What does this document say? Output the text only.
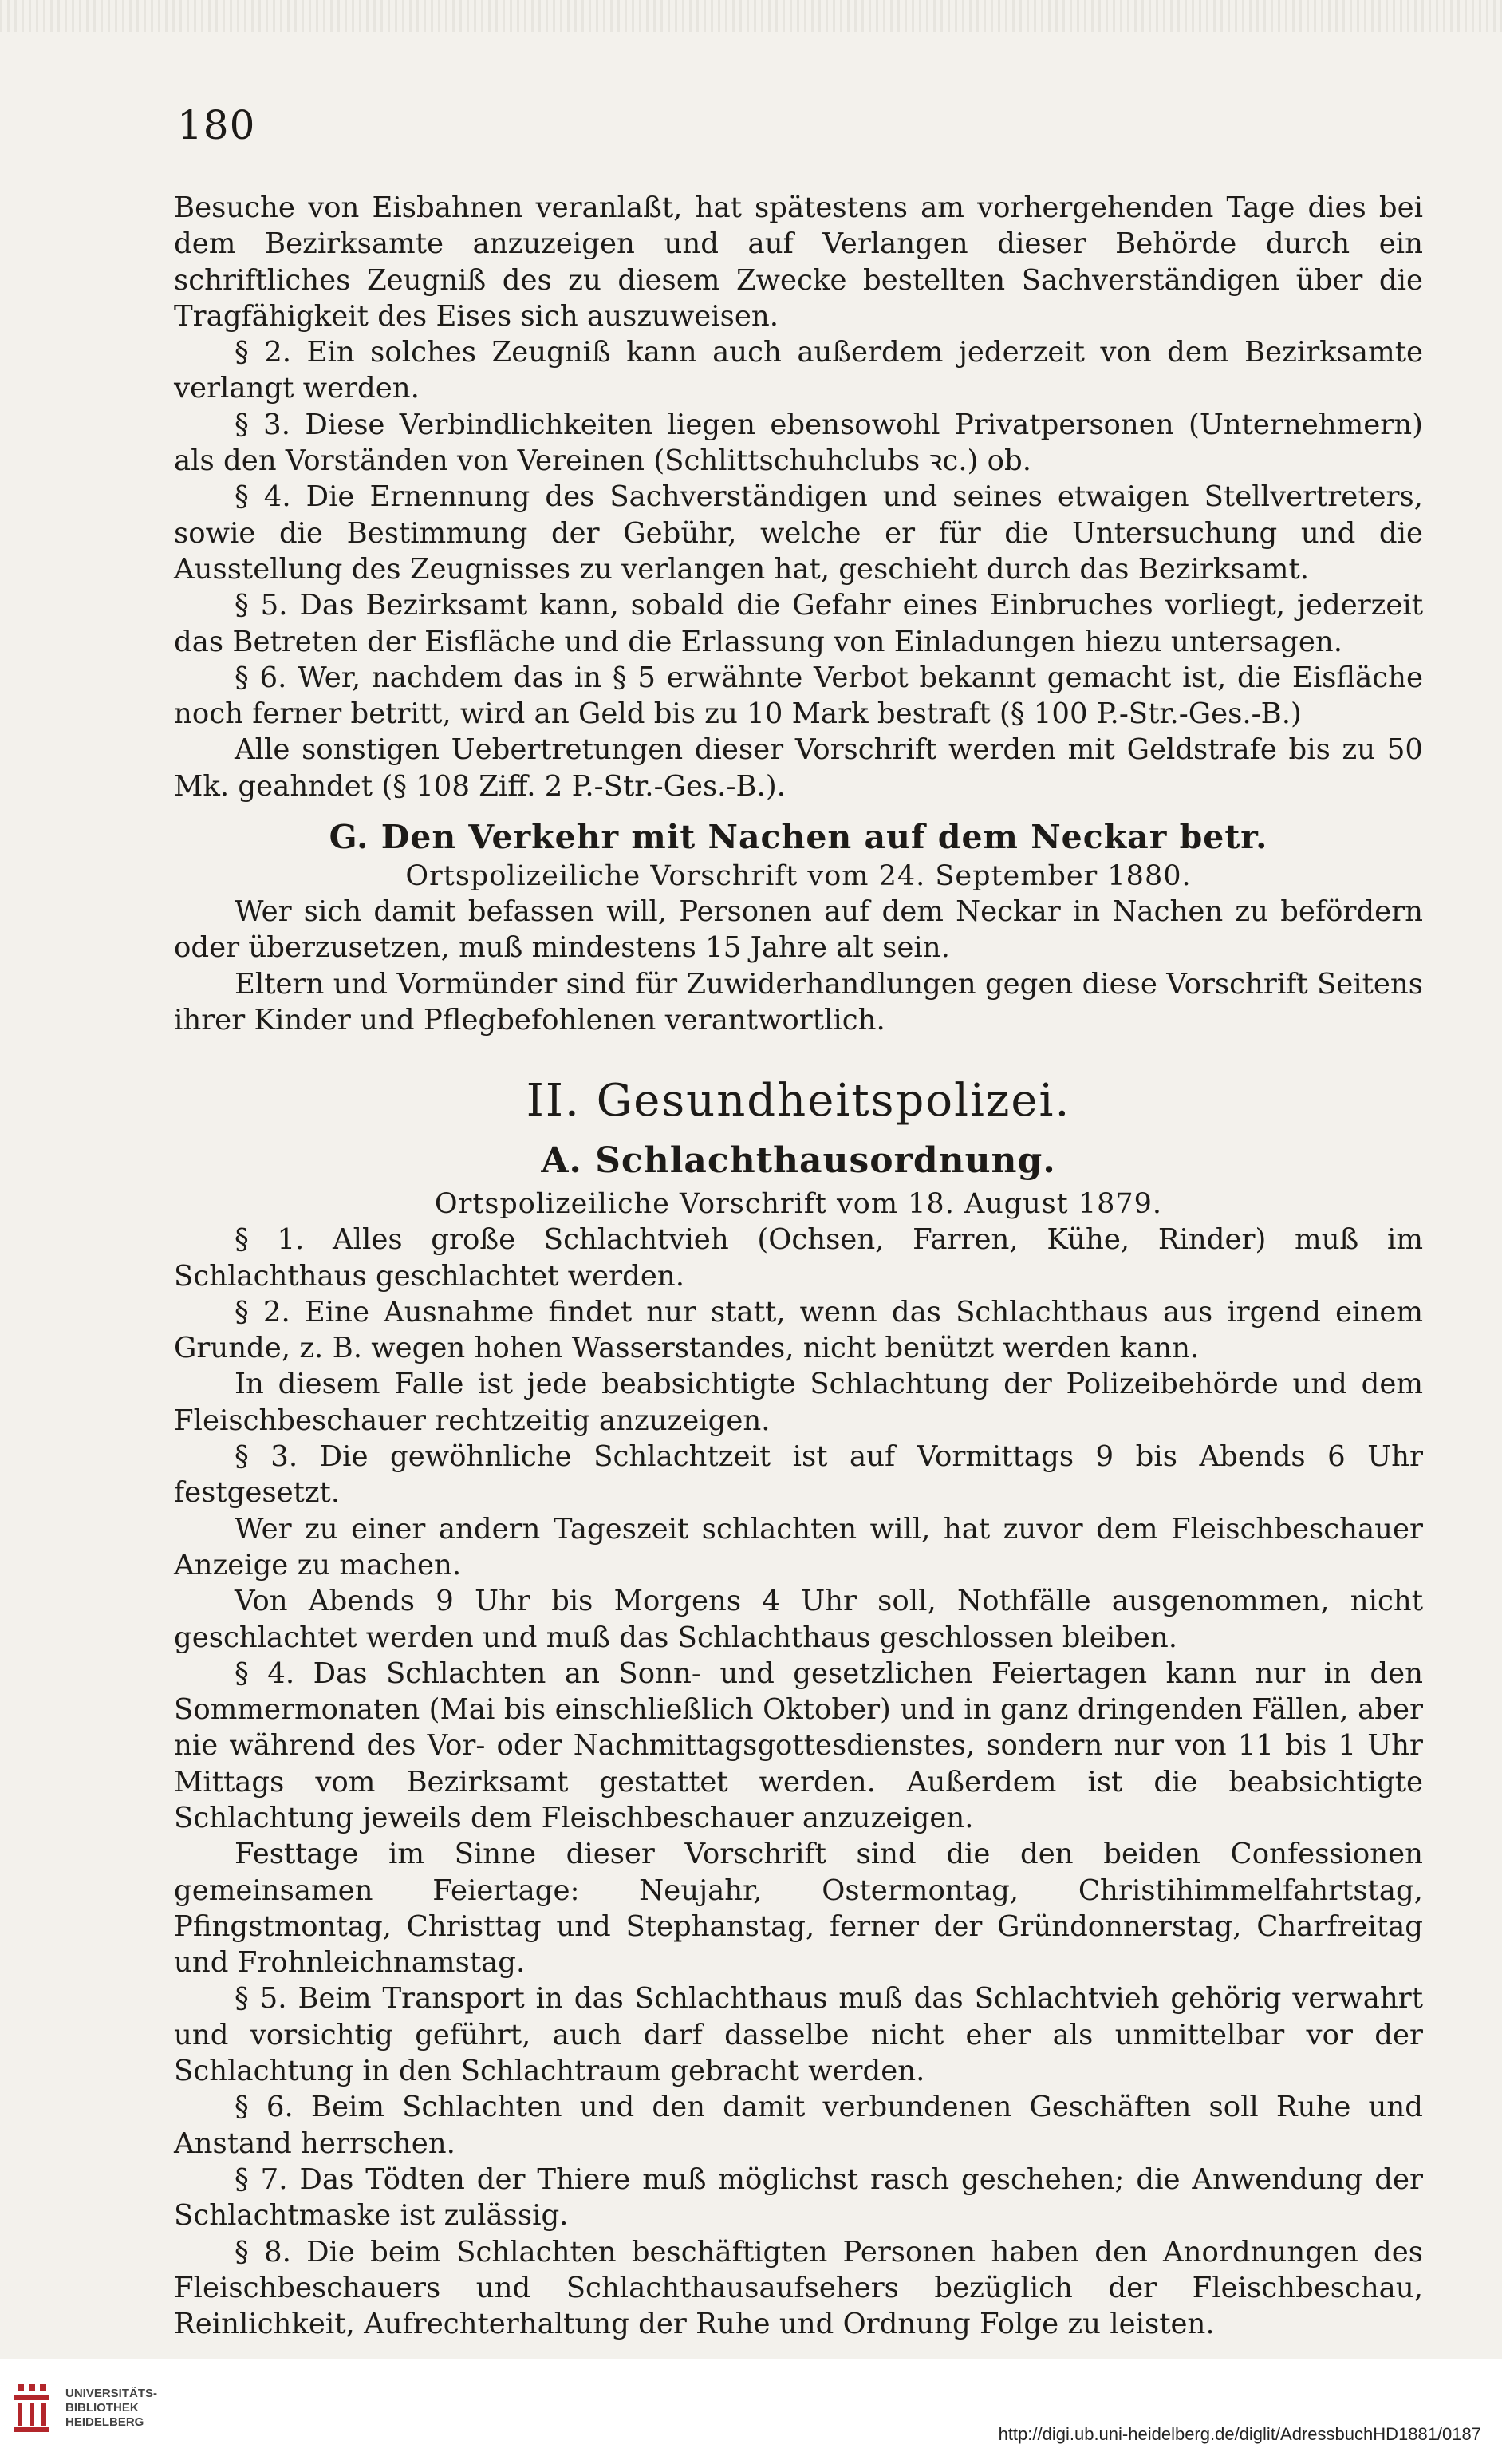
180

Besuche von Eisbahnen veranlaßt, hat spätestens am vorhergehenden Tage dies bei dem Bezirksamte anzuzeigen und auf Verlangen dieser Behörde durch ein schriftliches Zeugniß des zu diesem Zwecke bestellten Sachverständigen über die Tragfähigkeit des Eises sich auszuweisen.

§ 2. Ein solches Zeugniß kann auch außerdem jederzeit von dem Bezirksamte verlangt werden.

§ 3. Diese Verbindlichkeiten liegen ebensowohl Privatpersonen (Unternehmern) als den Vorständen von Vereinen (Schlittschuhclubs ꝛc.) ob.

§ 4. Die Ernennung des Sachverständigen und seines etwaigen Stellvertreters, sowie die Bestimmung der Gebühr, welche er für die Untersuchung und die Ausstellung des Zeugnisses zu verlangen hat, geschieht durch das Bezirksamt.

§ 5. Das Bezirksamt kann, sobald die Gefahr eines Einbruches vorliegt, jederzeit das Betreten der Eisfläche und die Erlassung von Einladungen hiezu untersagen.

§ 6. Wer, nachdem das in § 5 erwähnte Verbot bekannt gemacht ist, die Eisfläche noch ferner betritt, wird an Geld bis zu 10 Mark bestraft (§ 100 P.-Str.-Ges.-B.)

Alle sonstigen Uebertretungen dieser Vorschrift werden mit Geldstrafe bis zu 50 Mk. geahndet (§ 108 Ziff. 2 P.-Str.-Ges.-B.).

G. Den Verkehr mit Nachen auf dem Neckar betr.

Ortspolizeiliche Vorschrift vom 24. September 1880.

Wer sich damit befassen will, Personen auf dem Neckar in Nachen zu befördern oder überzusetzen, muß mindestens 15 Jahre alt sein.

Eltern und Vormünder sind für Zuwiderhandlungen gegen diese Vorschrift Seitens ihrer Kinder und Pflegbefohlenen verantwortlich.

II. Gesundheitspolizei.

A. Schlachthausordnung.

Ortspolizeiliche Vorschrift vom 18. August 1879.

§ 1. Alles große Schlachtvieh (Ochsen, Farren, Kühe, Rinder) muß im Schlachthaus geschlachtet werden.

§ 2. Eine Ausnahme findet nur statt, wenn das Schlachthaus aus irgend einem Grunde, z. B. wegen hohen Wasserstandes, nicht benützt werden kann.

In diesem Falle ist jede beabsichtigte Schlachtung der Polizeibehörde und dem Fleischbeschauer rechtzeitig anzuzeigen.

§ 3. Die gewöhnliche Schlachtzeit ist auf Vormittags 9 bis Abends 6 Uhr festgesetzt.

Wer zu einer andern Tageszeit schlachten will, hat zuvor dem Fleischbeschauer Anzeige zu machen.

Von Abends 9 Uhr bis Morgens 4 Uhr soll, Nothfälle ausgenommen, nicht geschlachtet werden und muß das Schlachthaus geschlossen bleiben.

§ 4. Das Schlachten an Sonn- und gesetzlichen Feiertagen kann nur in den Sommermonaten (Mai bis einschließlich Oktober) und in ganz dringenden Fällen, aber nie während des Vor- oder Nachmittagsgottesdienstes, sondern nur von 11 bis 1 Uhr Mittags vom Bezirksamt gestattet werden. Außerdem ist die beabsichtigte Schlachtung jeweils dem Fleischbeschauer anzuzeigen.

Festtage im Sinne dieser Vorschrift sind die den beiden Confessionen gemeinsamen Feiertage: Neujahr, Ostermontag, Christihimmelfahrtstag, Pfingstmontag, Christtag und Stephanstag, ferner der Gründonnerstag, Charfreitag und Frohnleichnamstag.

§ 5. Beim Transport in das Schlachthaus muß das Schlachtvieh gehörig verwahrt und vorsichtig geführt, auch darf dasselbe nicht eher als unmittelbar vor der Schlachtung in den Schlachtraum gebracht werden.

§ 6. Beim Schlachten und den damit verbundenen Geschäften soll Ruhe und Anstand herrschen.

§ 7. Das Tödten der Thiere muß möglichst rasch geschehen; die Anwendung der Schlachtmaske ist zulässig.

§ 8. Die beim Schlachten beschäftigten Personen haben den Anordnungen des Fleischbeschauers und Schlachthausaufsehers bezüglich der Fleischbeschau, Reinlichkeit, Aufrechterhaltung der Ruhe und Ordnung Folge zu leisten.

UNIVERSITÄTS-
BIBLIOTHEK
HEIDELBERG
http://digi.ub.uni-heidelberg.de/diglit/AdressbuchHD1881/0187
